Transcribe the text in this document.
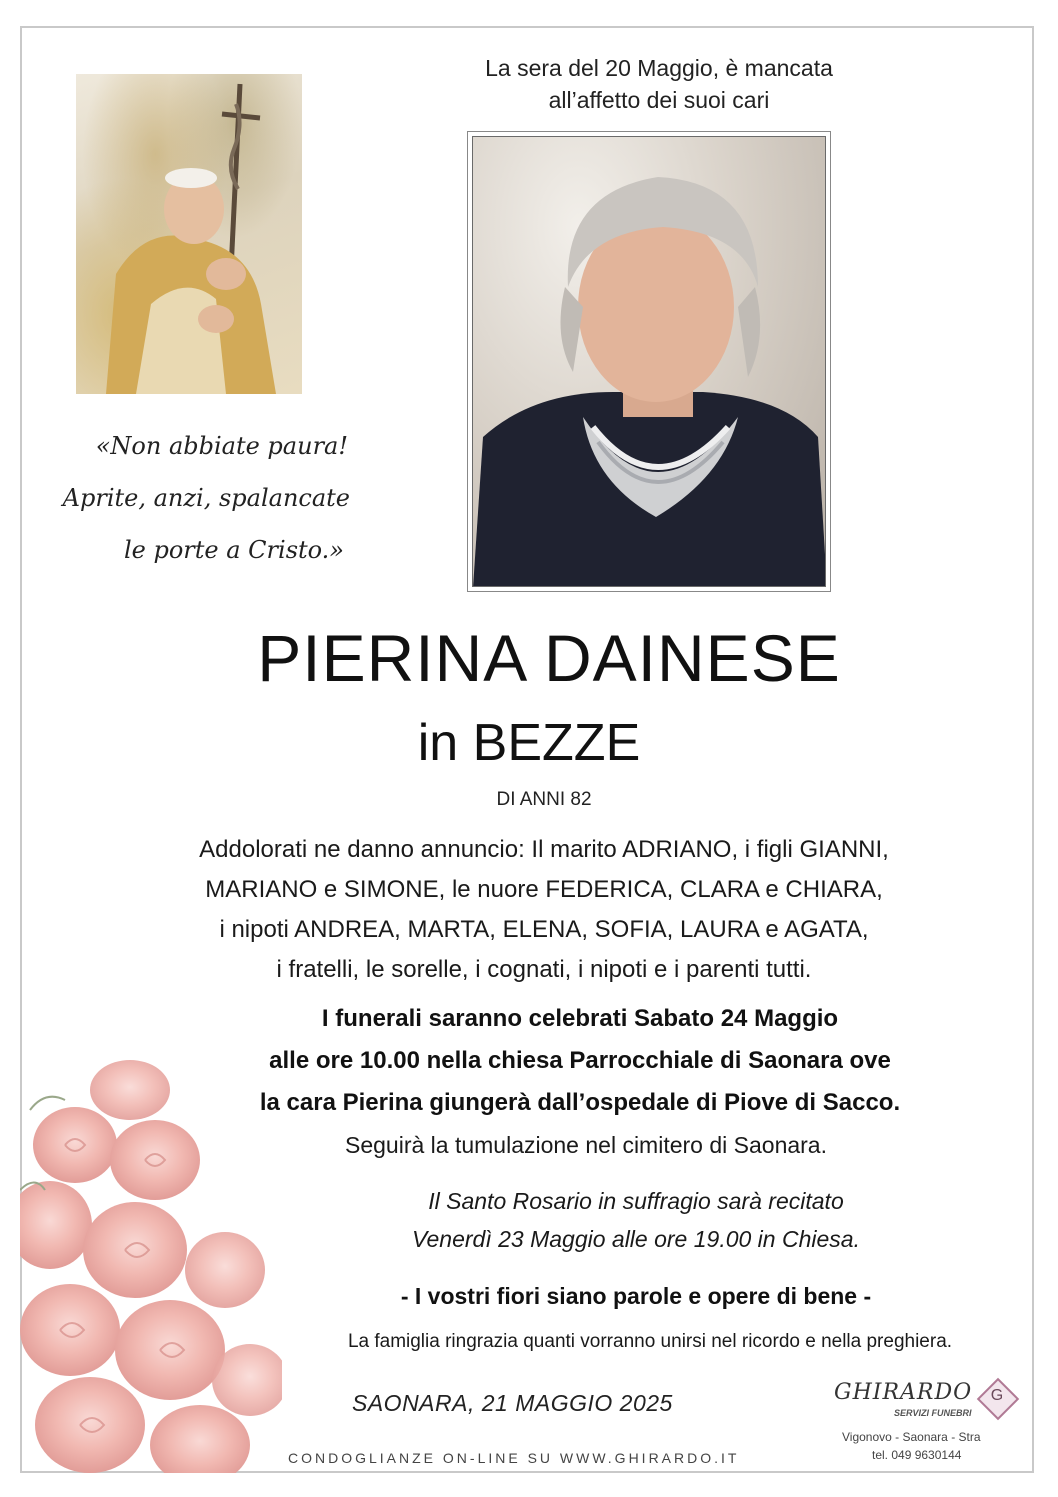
La sera del 20 Maggio, è mancata
all’affetto dei suoi cari
«Non abbiate paura!
Aprite, anzi, spalancate
le porte a Cristo.»
PIERINA DAINESE
in BEZZE
DI ANNI 82
Addolorati ne danno annuncio: Il marito ADRIANO, i figli GIANNI,
MARIANO e SIMONE, le nuore FEDERICA, CLARA e CHIARA,
i nipoti ANDREA, MARTA, ELENA, SOFIA, LAURA e AGATA,
i fratelli, le sorelle, i cognati, i nipoti e i parenti tutti.
I funerali saranno celebrati Sabato 24 Maggio
alle ore 10.00 nella chiesa Parrocchiale di Saonara ove
la cara Pierina giungerà dall’ospedale di Piove di Sacco.
Seguirà la tumulazione nel cimitero di Saonara.
Il Santo Rosario in suffragio sarà recitato
Venerdì 23 Maggio alle ore 19.00 in Chiesa.
- I vostri fiori siano parole e opere di bene -
La famiglia ringrazia quanti vorranno unirsi nel ricordo e nella preghiera.
SAONARA, 21 MAGGIO 2025
CONDOGLIANZE ON-LINE SU WWW.GHIRARDO.IT
GHIRARDO
SERVIZI FUNEBRI
G
Vigonovo - Saonara - Stra
tel. 049 9630144
